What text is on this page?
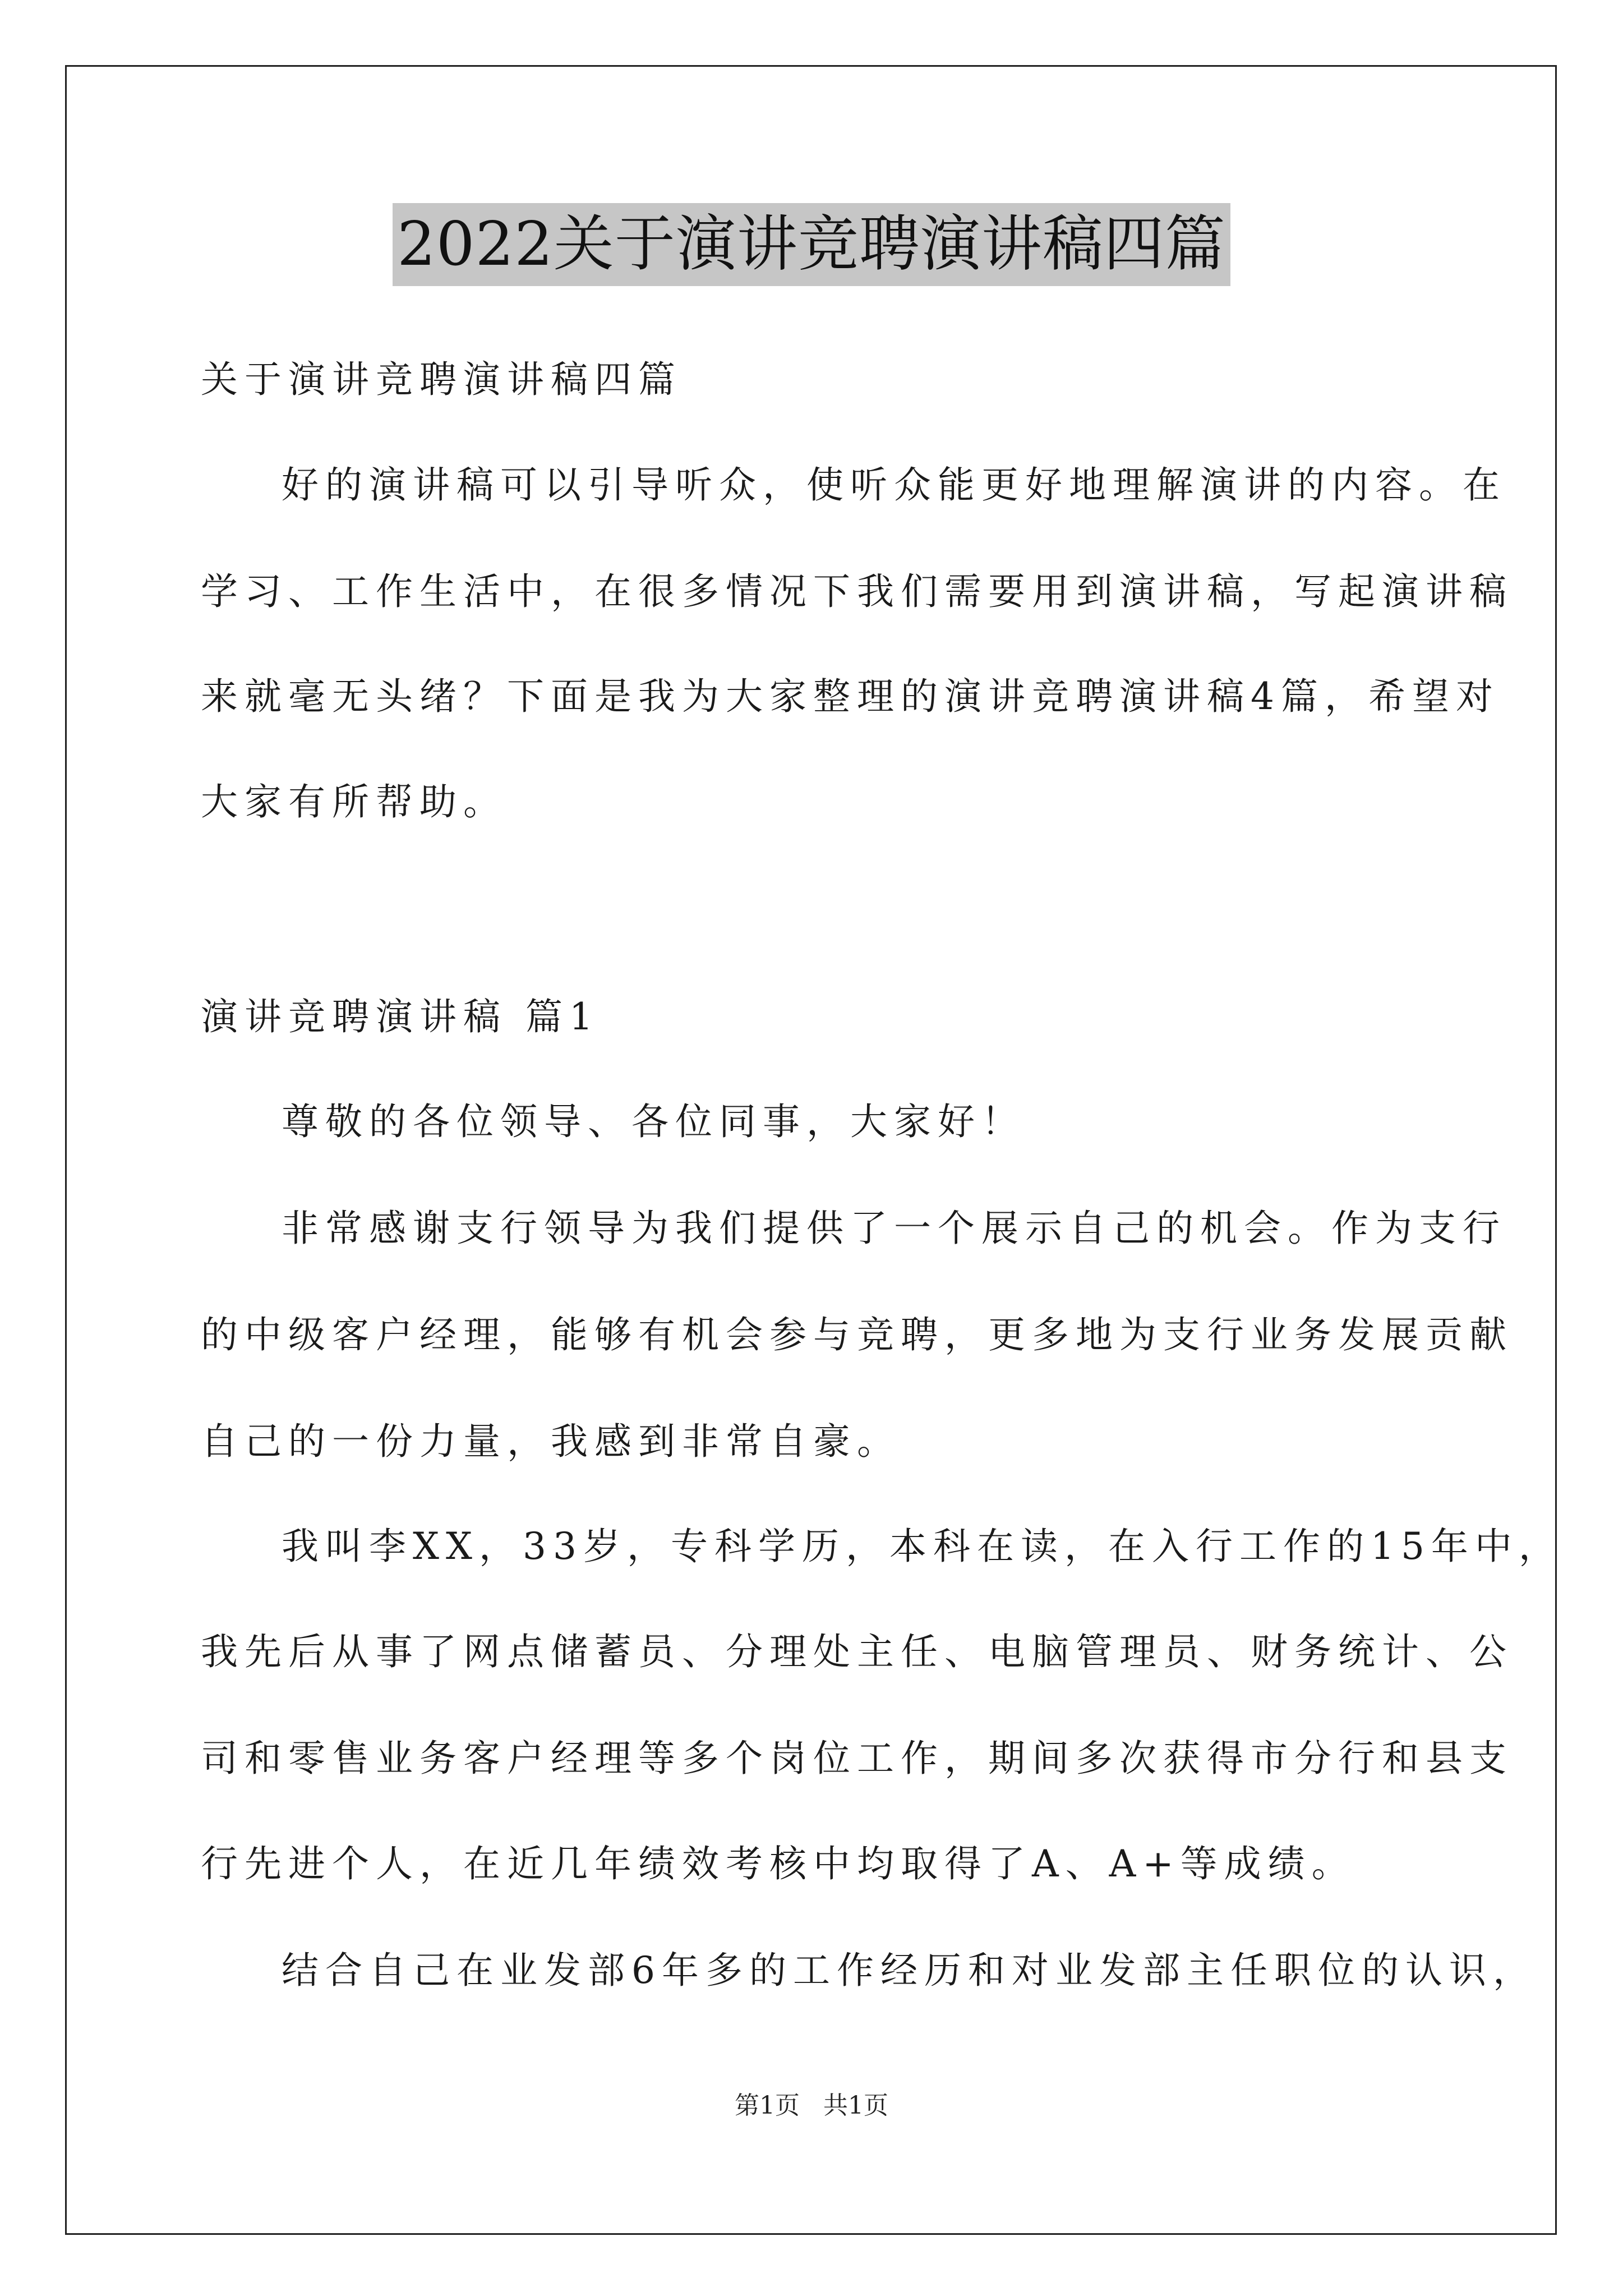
2022关于演讲竞聘演讲稿四篇
关于演讲竞聘演讲稿四篇
好的演讲稿可以引导听众，使听众能更好地理解演讲的内容。在
学习、工作生活中，在很多情况下我们需要用到演讲稿，写起演讲稿
来就毫无头绪？下面是我为大家整理的演讲竞聘演讲稿4篇，希望对
大家有所帮助。
演讲竞聘演讲稿 篇1
尊敬的各位领导、各位同事，大家好！
非常感谢支行领导为我们提供了一个展示自己的机会。作为支行
的中级客户经理，能够有机会参与竞聘，更多地为支行业务发展贡献
自己的一份力量，我感到非常自豪。
我叫李XX，33岁，专科学历，本科在读，在入行工作的15年中，
我先后从事了网点储蓄员、分理处主任、电脑管理员、财务统计、公
司和零售业务客户经理等多个岗位工作，期间多次获得市分行和县支
行先进个人，在近几年绩效考核中均取得了A、A+等成绩。
结合自己在业发部6年多的工作经历和对业发部主任职位的认识，
第1页 共1页
